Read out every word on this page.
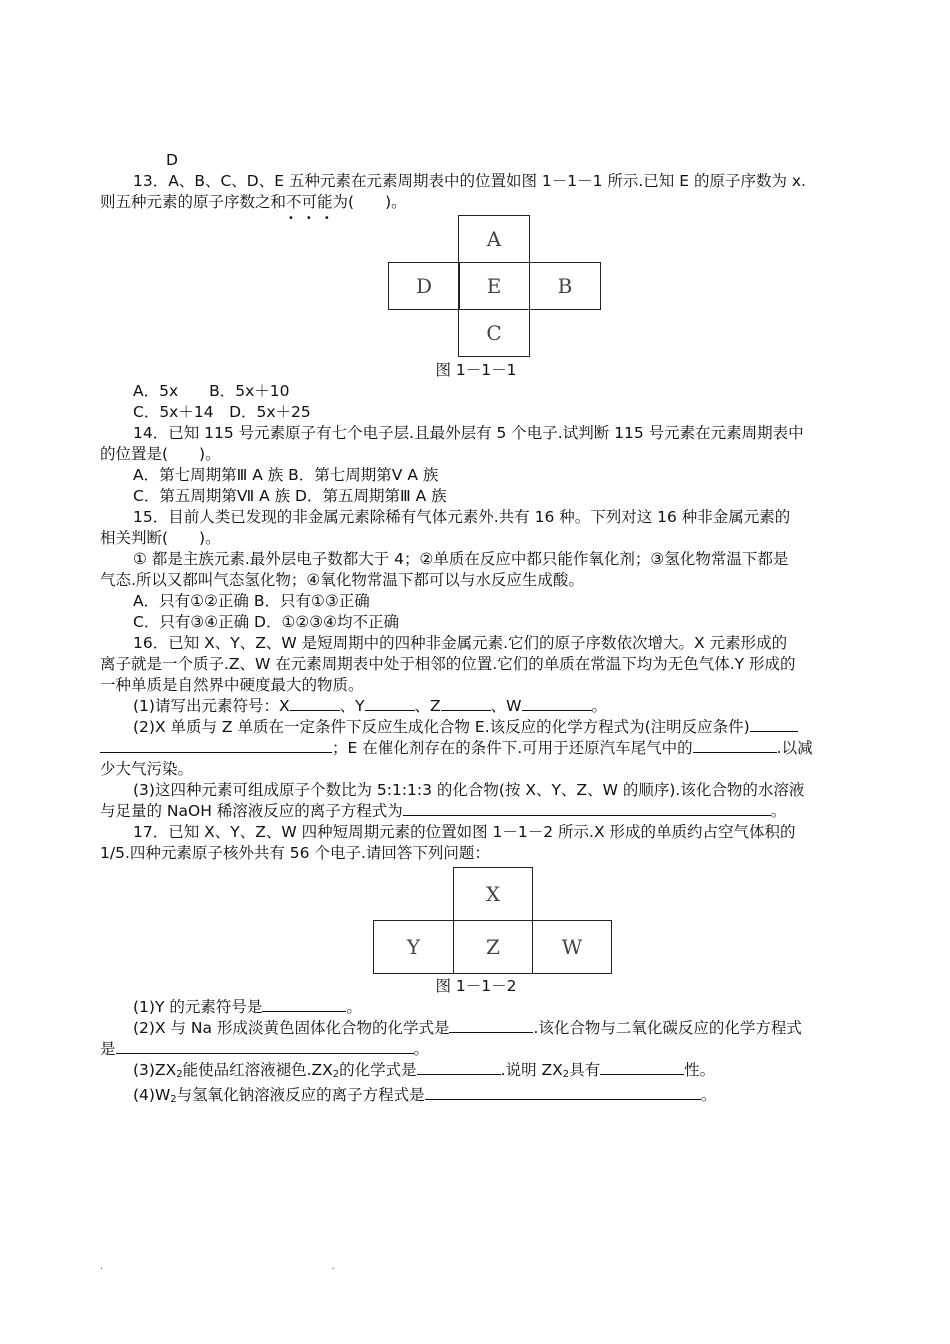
D
13．A、B、C、D、E 五种元素在元素周期表中的位置如图 1－1－1 所示.已知 E 的原子序数为 x.
则五种元素的原子序数之和不可能
•••
为(　　)。
A
D	E	B
C
图 1－1－1
A．5x　　B．5x＋10
C．5x＋14　D．5x＋25
14．已知 115 号元素原子有七个电子层.且最外层有 5 个电子.试判断 115 号元素在元素周期表中
的位置是(　　)。
A．第七周期第Ⅲ A 族 B．第七周期第Ⅴ A 族
C．第五周期第Ⅶ A 族 D．第五周期第Ⅲ A 族
15．目前人类已发现的非金属元素除稀有气体元素外.共有 16 种。下列对这 16 种非金属元素的
相关判断(　　)。
① 都是主族元素.最外层电子数都大于 4；②单质在反应中都只能作氧化剂；③氢化物常温下都是
气态.所以又都叫气态氢化物；④氧化物常温下都可以与水反应生成酸。
A．只有①②正确 B．只有①③正确
C．只有③④正确 D．①②③④均不正确
16．已知 X、Y、Z、W 是短周期中的四种非金属元素.它们的原子序数依次增大。X 元素形成的
离子就是一个质子.Z、W 在元素周期表中处于相邻的位置.它们的单质在常温下均为无色气体.Y 形成的
一种单质是自然界中硬度最大的物质。
(1)请写出元素符号：X	、Y	、Z	、W	。
(2)X 单质与 Z 单质在一定条件下反应生成化合物 E.该反应的化学方程式为(注明反应条件)
；E 在催化剂存在的条件下.可用于还原汽车尾气中的	.以减
少大气污染。
(3)这四种元素可组成原子个数比为 5:1:1:3 的化合物(按 X、Y、Z、W 的顺序).该化合物的水溶液
与足量的 NaOH 稀溶液反应的离子方程式为	。
17．已知 X、Y、Z、W 四种短周期元素的位置如图 1－1－2 所示.X 形成的单质约占空气体积的
1/5.四种元素原子核外共有 56 个电子.请回答下列问题：
X
Y	Z	W
图 1－1－2
(1)Y 的元素符号是	。
(2)X 与 Na 形成淡黄色固体化合物的化学式是	.该化合物与二氧化碳反应的化学方程式
是	。
$(3)ZX_2$能使品红溶液褪色$.ZX_2$的化学式是	.说明 $ZX_2$具有	性。
$(4)W_2$与氢氧化钠溶液反应的离子方程式是	。
. .
